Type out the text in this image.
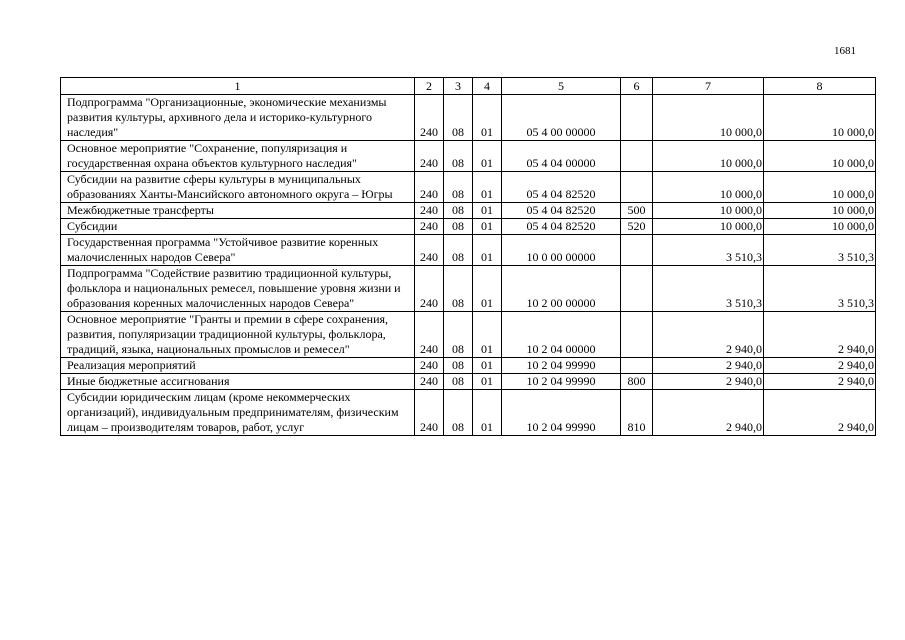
1681
1	2	3	4	5	6	7	8
Подпрограмма "Организационные, экономические механизмы развития культуры, архивного дела и историко-культурного наследия"	240	08	01	05 4 00 00000		10 000,0	10 000,0
Основное мероприятие "Сохранение, популяризация и государственная охрана объектов культурного наследия"	240	08	01	05 4 04 00000		10 000,0	10 000,0
Субсидии на развитие сферы культуры в муниципальных образованиях Ханты-Мансийского автономного округа – Югры	240	08	01	05 4 04 82520		10 000,0	10 000,0
Межбюджетные трансферты	240	08	01	05 4 04 82520	500	10 000,0	10 000,0
Субсидии	240	08	01	05 4 04 82520	520	10 000,0	10 000,0
Государственная программа "Устойчивое развитие коренных малочисленных народов Севера"	240	08	01	10 0 00 00000		3 510,3	3 510,3
Подпрограмма "Содействие развитию традиционной культуры, фольклора и национальных ремесел, повышение уровня жизни и образования коренных малочисленных народов Севера"	240	08	01	10 2 00 00000		3 510,3	3 510,3
Основное мероприятие "Гранты и премии в сфере сохранения, развития, популяризации традиционной культуры, фольклора, традиций, языка, национальных промыслов и ремесел"	240	08	01	10 2 04 00000		2 940,0	2 940,0
Реализация мероприятий	240	08	01	10 2 04 99990		2 940,0	2 940,0
Иные бюджетные ассигнования	240	08	01	10 2 04 99990	800	2 940,0	2 940,0
Субсидии юридическим лицам (кроме некоммерческих организаций), индивидуальным предпринимателям, физическим лицам – производителям товаров, работ, услуг	240	08	01	10 2 04 99990	810	2 940,0	2 940,0
